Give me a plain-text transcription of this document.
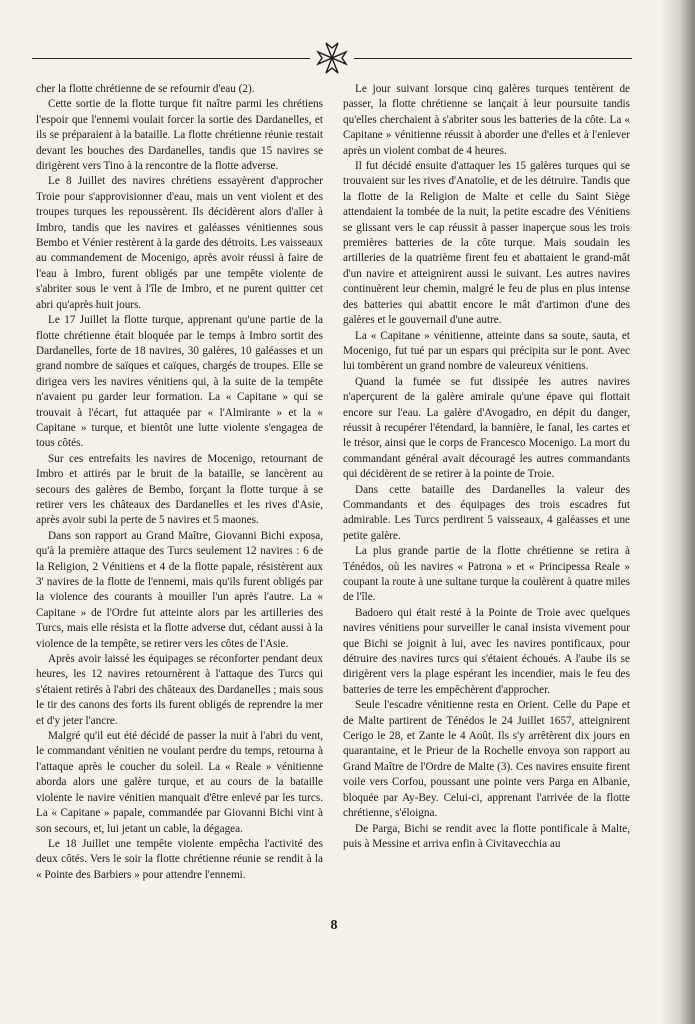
cher la flotte chrétienne de se refournir d'eau (2).

Cette sortie de la flotte turque fit naître parmi les chrétiens l'espoir que l'ennemi voulait forcer la sortie des Dardanelles, et ils se préparaient à la bataille. La flotte chrétienne réunie restait devant les bouches des Dardanelles, tandis que 15 navires se dirigèrent vers Tino à la rencontre de la flotte adverse.

Le 8 Juillet des navires chrétiens essayèrent d'approcher Troie pour s'approvisionner d'eau, mais un vent violent et des troupes turques les repoussèrent. Ils décidèrent alors d'aller à Imbro, tandis que les navires et galéasses vénitiennes sous Bembo et Vénier restèrent à la garde des détroits. Les vaisseaux au commandement de Mocenigo, après avoir réussi à faire de l'eau à Imbro, furent obligés par une tempête violente de s'abriter sous le vent à l'île de Imbro, et ne purent quitter cet abri qu'après huit jours.

Le 17 Juillet la flotte turque, apprenant qu'une partie de la flotte chrétienne était bloquée par le temps à Imbro sortit des Dardanelles, forte de 18 navires, 30 galères, 10 galéasses et un grand nombre de saïques et caïques, chargés de troupes. Elle se dirigea vers les navires vénitiens qui, à la suite de la tempête n'avaient pu garder leur formation. La « Capitane » qui se trouvait à l'écart, fut attaquée par « l'Almirante » et la « Capitane » turque, et bientôt une lutte violente s'engagea de tous côtés.

Sur ces entrefaits les navires de Mocenigo, retournant de Imbro et attirés par le bruit de la bataille, se lancèrent au secours des galères de Bembo, forçant la flotte turque à se retirer vers les châteaux des Dardanelles et les rives d'Asie, après avoir subi la perte de 5 navires et 5 maones.

Dans son rapport au Grand Maître, Giovanni Bichi exposa, qu'à la première attaque des Turcs seulement 12 navires : 6 de la Religion, 2 Vénitiens et 4 de la flotte papale, résistèrent aux 3' navires de la flotte de l'ennemi, mais qu'ils furent obligés par la violence des courants à mouiller l'un après l'autre. La « Capitane » de l'Ordre fut atteinte alors par les artilleries des Turcs, mais elle résista et la flotte adverse dut, cédant aussi à la violence de la tempête, se retirer vers les côtes de l'Asie.

Après avoir laissé les équipages se réconforter pendant deux heures, les 12 navires retournèrent à l'attaque des Turcs qui s'étaient retirés à l'abri des châteaux des Dardanelles ; mais sous le tir des canons des forts ils furent obligés de reprendre la mer et d'y jeter l'ancre.

Malgré qu'il eut été décidé de passer la nuit à l'abri du vent, le commandant vénitien ne voulant perdre du temps, retourna à l'attaque après le coucher du soleil. La « Reale » vénitienne aborda alors une galère turque, et au cours de la bataille violente le navire vénitien manquait d'être enlevé par les turcs. La « Capitane » papale, commandée par Giovanni Bichi vint à son secours, et, lui jetant un cable, la dégagea.

Le 18 Juillet une tempête violente empêcha l'activité des deux côtés. Vers le soir la flotte chrétienne réunie se rendit à la « Pointe des Barbiers » pour attendre l'ennemi.

Le jour suivant lorsque cinq galères turques tentèrent de passer, la flotte chrétienne se lançait à leur poursuite tandis qu'elles cherchaient à s'abriter sous les batteries de la côte. La « Capitane » vénitienne réussit à aborder une d'elles et à l'enlever après un violent combat de 4 heures.

Il fut décidé ensuite d'attaquer les 15 galères turques qui se trouvaient sur les rives d'Anatolie, et de les détruire. Tandis que la flotte de la Religion de Malte et celle du Saint Siège attendaient la tombée de la nuit, la petite escadre des Vénitiens se glissant vers le cap réussit à passer inaperçue sous les trois premières batteries de la côte turque. Mais soudain les artilleries de la quatrième firent feu et abattaient le grand-mât d'un navire et atteignirent aussi le suivant. Les autres navires continuèrent leur chemin, malgré le feu de plus en plus intense des batteries qui abattit encore le mât d'artimon d'une des galères et le gouvernail d'une autre.

La « Capitane » vénitienne, atteinte dans sa soute, sauta, et Mocenigo, fut tué par un espars qui précipita sur le pont. Avec lui tombèrent un grand nombre de valeureux vénitiens.

Quand la fumée se fut dissipée les autres navires n'aperçurent de la galère amirale qu'une épave qui flottait encore sur l'eau. La galère d'Avogadro, en dépit du danger, réussit à recupérer l'étendard, la bannière, le fanal, les cartes et le trésor, ainsi que le corps de Francesco Mocenigo. La mort du commandant général avait découragé les autres commandants qui décidèrent de se retirer à la pointe de Troie.

Dans cette bataille des Dardanelles la valeur des Commandants et des équipages des trois escadres fut admirable. Les Turcs perdirent 5 vaisseaux, 4 galéasses et une petite galère.

La plus grande partie de la flotte chrétienne se retira à Ténédos, où les navires « Patrona » et « Principessa Reale » coupant la route à une sultane turque la coulèrent à quatre miles de l'île.

Badoero qui était resté à la Pointe de Troie avec quelques navires vénitiens pour surveiller le canal insista vivement pour que Bichi se joignit à lui, avec les navires pontificaux, pour détruire des navires turcs qui s'étaient échoués. A l'aube ils se dirigèrent vers la plage espérant les incendier, mais le feu des batteries de terre les empêchèrent d'approcher.

Seule l'escadre vénitienne resta en Orient. Celle du Pape et de Malte partirent de Ténédos le 24 Juillet 1657, atteignirent Cerigo le 28, et Zante le 4 Août. Ils s'y arrêtèrent dix jours en quarantaine, et le Prieur de la Rochelle envoya son rapport au Grand Maître de l'Ordre de Malte (3). Ces navires ensuite firent voile vers Corfou, poussant une pointe vers Parga en Albanie, bloquée par Ay-Bey. Celui-ci, apprenant l'arrivée de la flotte chrétienne, s'éloigna.

De Parga, Bichi se rendit avec la flotte pontificale à Malte, puis à Messine et arriva enfin à Civitavecchia au

8
